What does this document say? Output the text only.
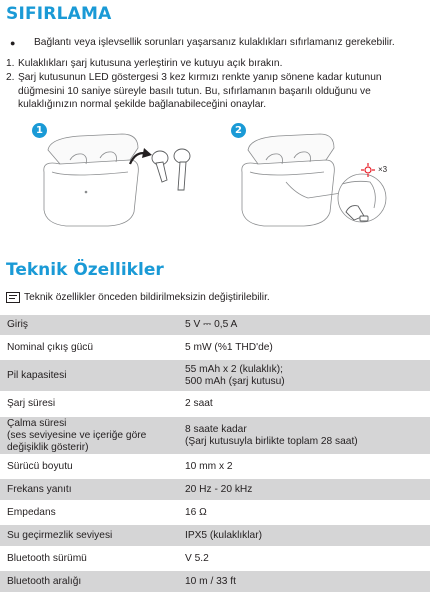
SIFIRLAMA
●	Bağlantı veya işlevsellik sorunları yaşarsanız kulaklıkları sıfırlamanız gerekebilir.
1. Kulaklıkları şarj kutusuna yerleştirin ve kutuyu açık bırakın.
2. Şarj kutusunun LED göstergesi 3 kez kırmızı renkte yanıp sönene kadar kutunun düğmesini 10 saniye süreyle basılı tutun. Bu, sıfırlamanın başarılı olduğunu ve kulaklığınızın normal şekilde bağlanabileceğini onaylar.
1	2
×3
Teknik Özellikler
Teknik özellikler önceden bildirilmeksizin değiştirilebilir.
Giriş	5 V ⎓ 0,5 A
Nominal çıkış gücü	5 mW (%1 THD'de)
Pil kapasitesi	55 mAh x 2 (kulaklık);
500 mAh (şarj kutusu)
Şarj süresi	2 saat
Çalma süresi
(ses seviyesine ve içeriğe göre
değişiklik gösterir)	8 saate kadar
(Şarj kutusuyla birlikte toplam 28 saat)
Sürücü boyutu	10 mm x 2
Frekans yanıtı	20 Hz - 20 kHz
Empedans	16 Ω
Su geçirmezlik seviyesi	IPX5 (kulaklıklar)
Bluetooth sürümü	V 5.2
Bluetooth aralığı	10 m / 33 ft
